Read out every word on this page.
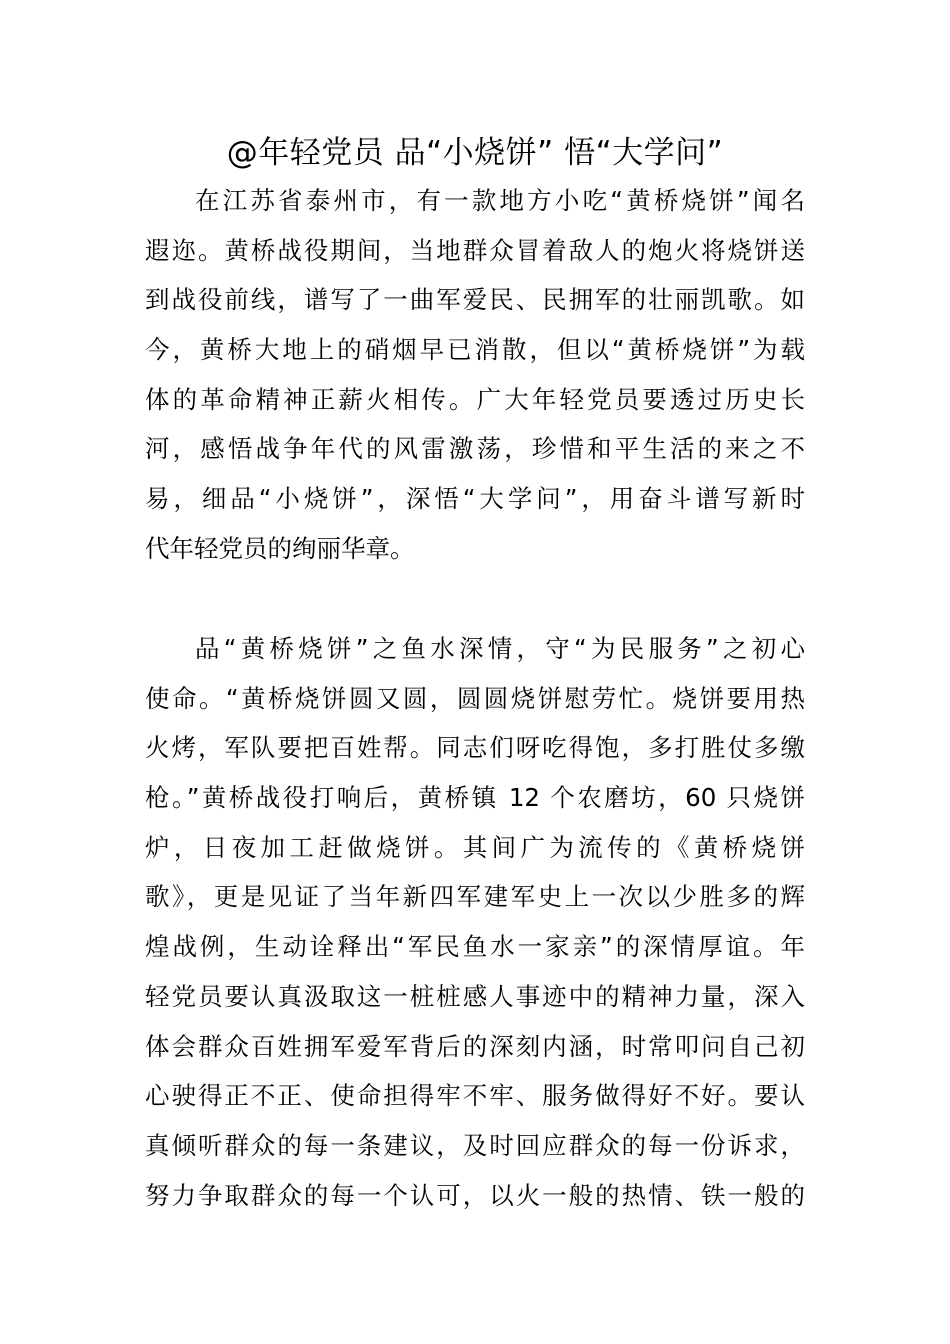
@年轻党员 品“小烧饼” 悟“大学问”
在江苏省泰州市，有一款地方小吃“黄桥烧饼”闻名
遐迩。黄桥战役期间，当地群众冒着敌人的炮火将烧饼送
到战役前线，谱写了一曲军爱民、民拥军的壮丽凯歌。如
今，黄桥大地上的硝烟早已消散，但以“黄桥烧饼”为载
体的革命精神正薪火相传。广大年轻党员要透过历史长
河，感悟战争年代的风雷激荡，珍惜和平生活的来之不
易，细品“小烧饼”，深悟“大学问”，用奋斗谱写新时
代年轻党员的绚丽华章。
品“黄桥烧饼”之鱼水深情，守“为民服务”之初心
使命。“黄桥烧饼圆又圆，圆圆烧饼慰劳忙。烧饼要用热
火烤，军队要把百姓帮。同志们呀吃得饱，多打胜仗多缴
枪。”黄桥战役打响后，黄桥镇 12 个农磨坊，60 只烧饼
炉，日夜加工赶做烧饼。其间广为流传的《黄桥烧饼
歌》，更是见证了当年新四军建军史上一次以少胜多的辉
煌战例，生动诠释出“军民鱼水一家亲”的深情厚谊。年
轻党员要认真汲取这一桩桩感人事迹中的精神力量，深入
体会群众百姓拥军爱军背后的深刻内涵，时常叩问自己初
心驶得正不正、使命担得牢不牢、服务做得好不好。要认
真倾听群众的每一条建议，及时回应群众的每一份诉求，
努力争取群众的每一个认可，以火一般的热情、铁一般的
